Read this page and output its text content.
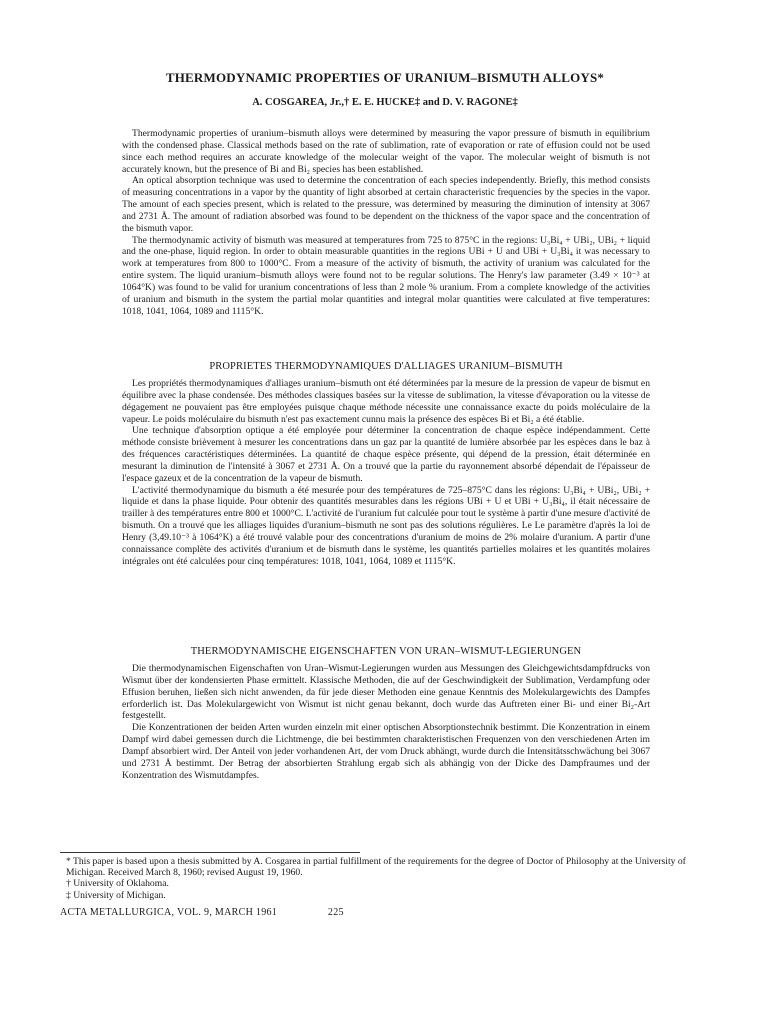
THERMODYNAMIC PROPERTIES OF URANIUM–BISMUTH ALLOYS*
A. COSGAREA, Jr.,† E. E. HUCKE‡ and D. V. RAGONE‡

Thermodynamic properties of uranium–bismuth alloys were determined by measuring the vapor pressure of bismuth in equilibrium with the condensed phase. Classical methods based on the rate of sublimation, rate of evaporation or rate of effusion could not be used since each method requires an accurate knowledge of the molecular weight of the vapor. The molecular weight of bismuth is not accurately known, but the presence of Bi and Bi₂ species has been established.

An optical absorption technique was used to determine the concentration of each species independently. Briefly, this method consists of measuring concentrations in a vapor by the quantity of light absorbed at certain characteristic frequencies by the species in the vapor. The amount of each species present, which is related to the pressure, was determined by measuring the diminution of intensity at 3067 and 2731 Å. The amount of radiation absorbed was found to be dependent on the thickness of the vapor space and the concentration of the bismuth vapor.

The thermodynamic activity of bismuth was measured at temperatures from 725 to 875°C in the regions: U₃Bi₄ + UBi₂, UBi₂ + liquid and the one-phase, liquid region. In order to obtain measurable quantities in the regions UBi + U and UBi + U₃Bi₄ it was necessary to work at temperatures from 800 to 1000°C. From a measure of the activity of bismuth, the activity of uranium was calculated for the entire system. The liquid uranium–bismuth alloys were found not to be regular solutions. The Henry's law parameter (3.49 × 10⁻³ at 1064°K) was found to be valid for uranium concentrations of less than 2 mole % uranium. From a complete knowledge of the activities of uranium and bismuth in the system the partial molar quantities and integral molar quantities were calculated at five temperatures: 1018, 1041, 1064, 1089 and 1115°K.

PROPRIETES THERMODYNAMIQUES D'ALLIAGES URANIUM–BISMUTH

Les propriétés thermodynamiques d'alliages uranium–bismuth ont été déterminées par la mesure de la pression de vapeur de bismut en équilibre avec la phase condensée. Des méthodes classiques basées sur la vitesse de sublimation, la vitesse d'évaporation ou la vitesse de dégagement ne pouvaient pas être employées puisque chaque méthode nécessite une connaissance exacte du poids moléculaire de la vapeur. Le poids moléculaire du bismuth n'est pas exactement cunnu mais la présence des espèces Bi et Bi₂ a été établie.

Une technique d'absorption optique a été employée pour déterminer la concentration de chaque espèce indépendamment. Cette méthode consiste brièvement à mesurer les concentrations dans un gaz par la quantité de lumière absorbée par les espèces dans le baz à des fréquences caractéristiques déterminées. La quantité de chaque espèce présente, qui dépend de la pression, était déterminée en mesurant la diminution de l'intensité à 3067 et 2731 Å. On a trouvé que la partie du rayonnement absorbé dépendait de l'épaisseur de l'espace gazeux et de la concentration de la vapeur de bismuth.

L'activité thermodynamique du bismuth a été mesurée pour des températures de 725–875°C dans les régions: U₃Bi₄ + UBi₂, UBi₂ + liquide et dans la phase liquide. Pour obtenir des quantités mesurables dans les régions UBi + U et UBi + U₃Bi₄, il était nécessaire de trailler à des températures entre 800 et 1000°C. L'activité de l'uranium fut calculée pour tout le système à partir d'une mesure d'activité de bismuth. On a trouvé que les alliages liquides d'uranium–bismuth ne sont pas des solutions régulières. Le Le paramètre d'après la loi de Henry (3,49.10⁻³ à 1064°K) a été trouvé valable pour des concentrations d'uranium de moins de 2% molaire d'uranium. A partir d'une connaissance complète des activités d'uranium et de bismuth dans le système, les quantités partielles molaires et les quantités molaires intégrales ont été calculées pour cinq températures: 1018, 1041, 1064, 1089 et 1115°K.

THERMODYNAMISCHE EIGENSCHAFTEN VON URAN–WISMUT-LEGIERUNGEN

Die thermodynamischen Eigenschaften von Uran–Wismut-Legierungen wurden aus Messungen des Gleichgewichtsdampfdrucks von Wismut über der kondensierten Phase ermittelt. Klassische Methoden, die auf der Geschwindigkeit der Sublimation, Verdampfung oder Effusion beruhen, ließen sich nicht anwenden, da für jede dieser Methoden eine genaue Kenntnis des Molekulargewichts des Dampfes erforderlich ist. Das Molekulargewicht von Wismut ist nicht genau bekannt, doch wurde das Auftreten einer Bi- und einer Bi₂-Art festgestellt.

Die Konzentrationen der beiden Arten wurden einzeln mit einer optischen Absorptionstechnik bestimmt. Die Konzentration in einem Dampf wird dabei gemessen durch die Lichtmenge, die bei bestimmten charakteristischen Frequenzen von den verschiedenen Arten im Dampf absorbiert wird. Der Anteil von jeder vorhandenen Art, der vom Druck abhängt, wurde durch die Intensitätsschwächung bei 3067 und 2731 Å bestimmt. Der Betrag der absorbierten Strahlung ergab sich als abhängig von der Dicke des Dampfraumes und der Konzentration des Wismutdampfes.

* This paper is based upon a thesis submitted by A. Cosgarea in partial fulfillment of the requirements for the degree of Doctor of Philosophy at the University of Michigan. Received March 8, 1960; revised August 19, 1960.
† University of Oklahoma.
‡ University of Michigan.
ACTA METALLURGICA, VOL. 9, MARCH 1961	225
